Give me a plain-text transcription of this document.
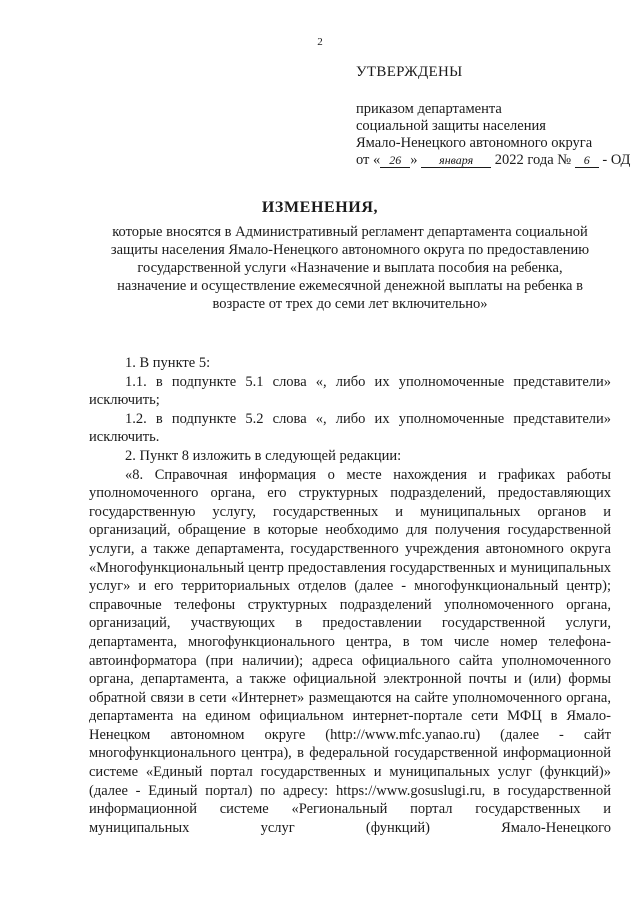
2
УТВЕРЖДЕНЫ
приказом департамента
социальной защиты населения
Ямало-Ненецкого автономного округа
от « 26 » января 2022 года № 6 - ОД
ИЗМЕНЕНИЯ,
которые вносятся в Административный регламент департамента социальной
защиты населения Ямало-Ненецкого автономного округа по предоставлению
государственной услуги «Назначение и выплата пособия на ребенка,
назначение и осуществление ежемесячной денежной выплаты на ребенка в
возрасте от трех до семи лет включительно»

1. В пункте 5:

1.1. в подпункте 5.1 слова «, либо их уполномоченные представители» исключить;

1.2. в подпункте 5.2 слова «, либо их уполномоченные представители» исключить.

2. Пункт 8 изложить в следующей редакции:

«8. Справочная информация о месте нахождения и графиках работы уполномоченного органа, его структурных подразделений, предоставляющих государственную услугу, государственных и муниципальных органов и организаций, обращение в которые необходимо для получения государственной услуги, а также департамента, государственного учреждения автономного округа «Многофункциональный центр предоставления государственных и муниципальных услуг» и его территориальных отделов (далее - многофункциональный центр); справочные телефоны структурных подразделений уполномоченного органа, организаций, участвующих в предоставлении государственной услуги, департамента, многофункционального центра, в том числе номер телефона-автоинформатора (при наличии); адреса официального сайта уполномоченного органа, департамента, а также официальной электронной почты и (или) формы обратной связи в сети «Интернет» размещаются на сайте уполномоченного органа, департамента на едином официальном интернет-портале сети МФЦ в Ямало-Ненецком автономном округе (http://www.mfc.yanao.ru) (далее - сайт многофункционального центра), в федеральной государственной информационной системе «Единый портал государственных и муниципальных услуг (функций)» (далее - Единый портал) по адресу: https://www.gosuslugi.ru, в государственной информационной системе «Региональный портал государственных и муниципальных услуг (функций) Ямало-Ненецкого
